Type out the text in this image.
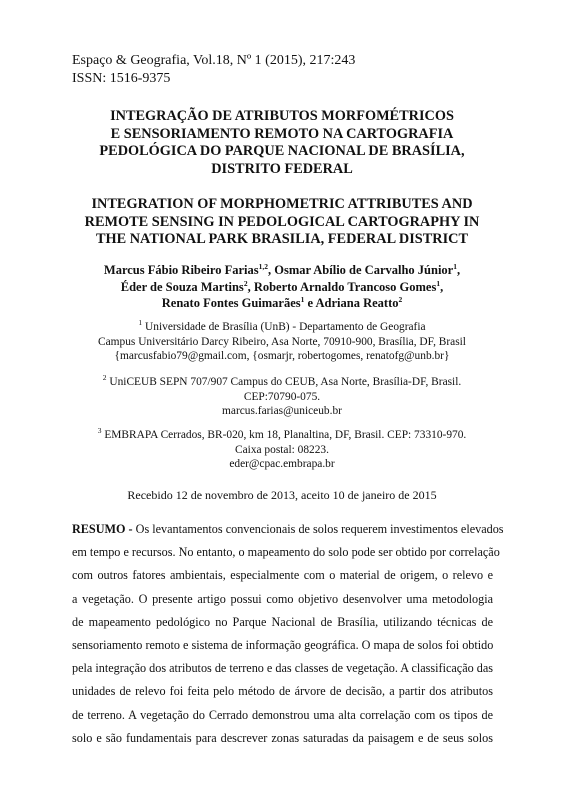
Espaço & Geografia, Vol.18, Nº 1 (2015), 217:243
ISSN: 1516-9375
INTEGRAÇÃO DE ATRIBUTOS MORFOMÉTRICOS
E SENSORIAMENTO REMOTO NA CARTOGRAFIA
PEDOLÓGICA DO PARQUE NACIONAL DE BRASÍLIA,
DISTRITO FEDERAL
INTEGRATION OF MORPHOMETRIC ATTRIBUTES AND
REMOTE SENSING IN PEDOLOGICAL CARTOGRAPHY IN
THE NATIONAL PARK BRASILIA, FEDERAL DISTRICT
Marcus Fábio Ribeiro Farias$^{1,2}$, Osmar Abílio de Carvalho Júnior$^1$,
Éder de Souza Martins$^2$, Roberto Arnaldo Trancoso Gomes$^1$,
Renato Fontes Guimarães$^1$ e Adriana Reatto$^2$
$^1$ Universidade de Brasília (UnB) - Departamento de Geografia
Campus Universitário Darcy Ribeiro, Asa Norte, 70910-900, Brasília, DF, Brasil
{marcusfabio79@gmail.com, {osmarjr, robertogomes, renatofg@unb.br}
$^2$ UniCEUB SEPN 707/907 Campus do CEUB, Asa Norte, Brasília-DF, Brasil.
CEP:70790-075.
marcus.farias@uniceub.br
$^3$ EMBRAPA Cerrados, BR-020, km 18, Planaltina, DF, Brasil. CEP: 73310-970.
Caixa postal: 08223.
eder@cpac.embrapa.br
Recebido 12 de novembro de 2013, aceito 10 de janeiro de 2015
RESUMO - Os levantamentos convencionais de solos requerem investimentos elevados
em tempo e recursos. No entanto, o mapeamento do solo pode ser obtido por correlação
com outros fatores ambientais, especialmente com o material de origem, o relevo e
a vegetação. O presente artigo possui como objetivo desenvolver uma metodologia
de mapeamento pedológico no Parque Nacional de Brasília, utilizando técnicas de
sensoriamento remoto e sistema de informação geográfica. O mapa de solos foi obtido
pela integração dos atributos de terreno e das classes de vegetação. A classificação das
unidades de relevo foi feita pelo método de árvore de decisão, a partir dos atributos
de terreno. A vegetação do Cerrado demonstrou uma alta correlação com os tipos de
solo e são fundamentais para descrever zonas saturadas da paisagem e de seus solos
